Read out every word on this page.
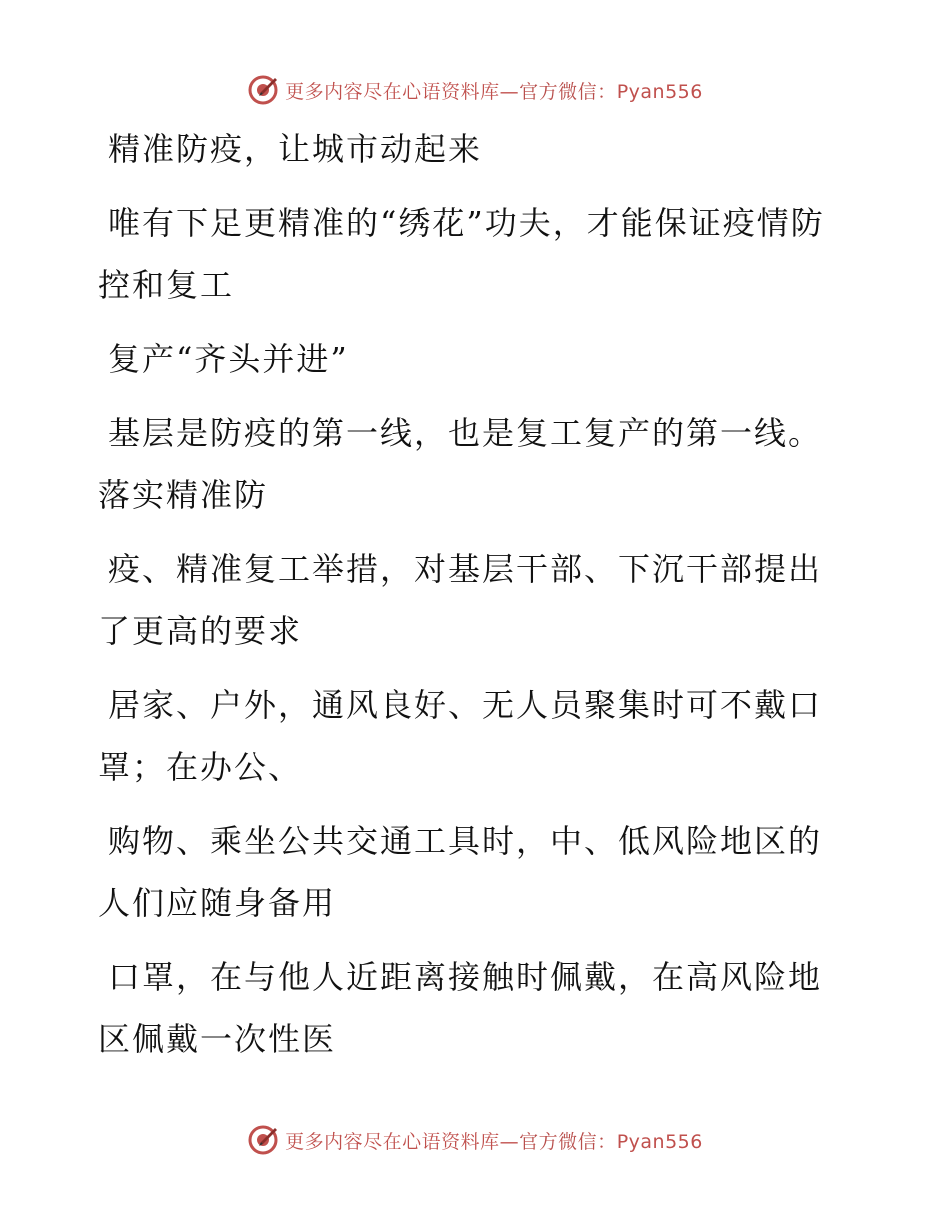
更多内容尽在心语资料库—官方微信：Pyan556

精准防疫，让城市动起来

唯有下足更精准的“绣花”功夫，才能保证疫情防控和复工

复产“齐头并进”

基层是防疫的第一线，也是复工复产的第一线。落实精准防

疫、精准复工举措，对基层干部、下沉干部提出了更高的要求

居家、户外，通风良好、无人员聚集时可不戴口罩；在办公、

购物、乘坐公共交通工具时，中、低风险地区的人们应随身备用

口罩，在与他人近距离接触时佩戴，在高风险地区佩戴一次性医

更多内容尽在心语资料库—官方微信：Pyan556
